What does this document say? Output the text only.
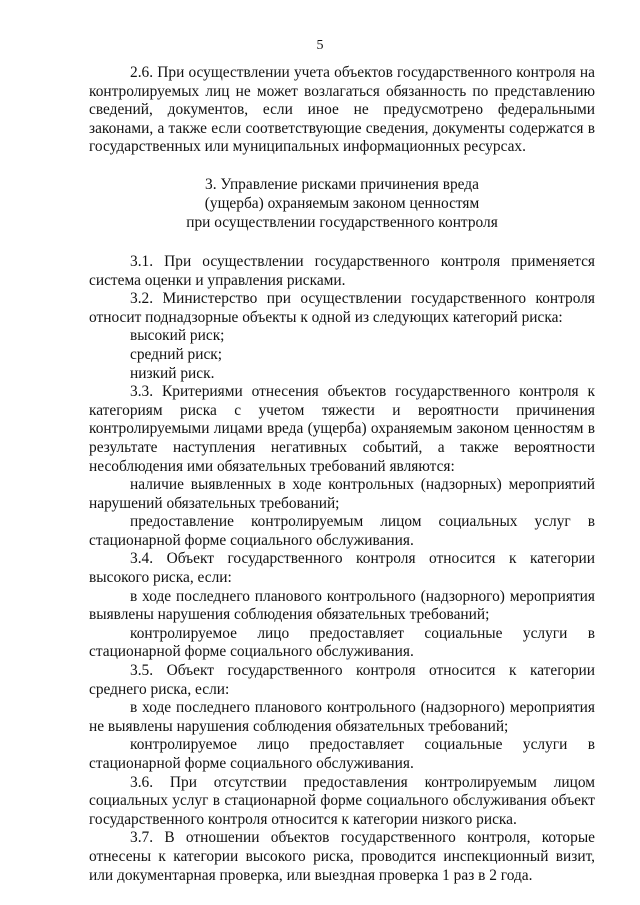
5

2.6. При осуществлении учета объектов государственного контроля на контролируемых лиц не может возлагаться обязанность по представлению сведений, документов, если иное не предусмотрено федеральными законами, а также если соответствующие сведения, документы содержатся в государственных или муниципальных информационных ресурсах.

3. Управление рисками причинения вреда
(ущерба) охраняемым законом ценностям
при осуществлении государственного контроля

3.1. При осуществлении государственного контроля применяется система оценки и управления рисками.

3.2. Министерство при осуществлении государственного контроля относит поднадзорные объекты к одной из следующих категорий риска:

высокий риск;

средний риск;

низкий риск.

3.3. Критериями отнесения объектов государственного контроля к категориям риска с учетом тяжести и вероятности причинения контролируемыми лицами вреда (ущерба) охраняемым законом ценностям в результате наступления негативных событий, а также вероятности несоблюдения ими обязательных требований являются:

наличие выявленных в ходе контрольных (надзорных) мероприятий нарушений обязательных требований;

предоставление контролируемым лицом социальных услуг в стационарной форме социального обслуживания.

3.4. Объект государственного контроля относится к категории высокого риска, если:

в ходе последнего планового контрольного (надзорного) мероприятия выявлены нарушения соблюдения обязательных требований;

контролируемое лицо предоставляет социальные услуги в стационарной форме социального обслуживания.

3.5. Объект государственного контроля относится к категории среднего риска, если:

в ходе последнего планового контрольного (надзорного) мероприятия не выявлены нарушения соблюдения обязательных требований;

контролируемое лицо предоставляет социальные услуги в стационарной форме социального обслуживания.

3.6. При отсутствии предоставления контролируемым лицом социальных услуг в стационарной форме социального обслуживания объект государственного контроля относится к категории низкого риска.

3.7. В отношении объектов государственного контроля, которые отнесены к категории высокого риска, проводится инспекционный визит, или документарная проверка, или выездная проверка 1 раз в 2 года.
